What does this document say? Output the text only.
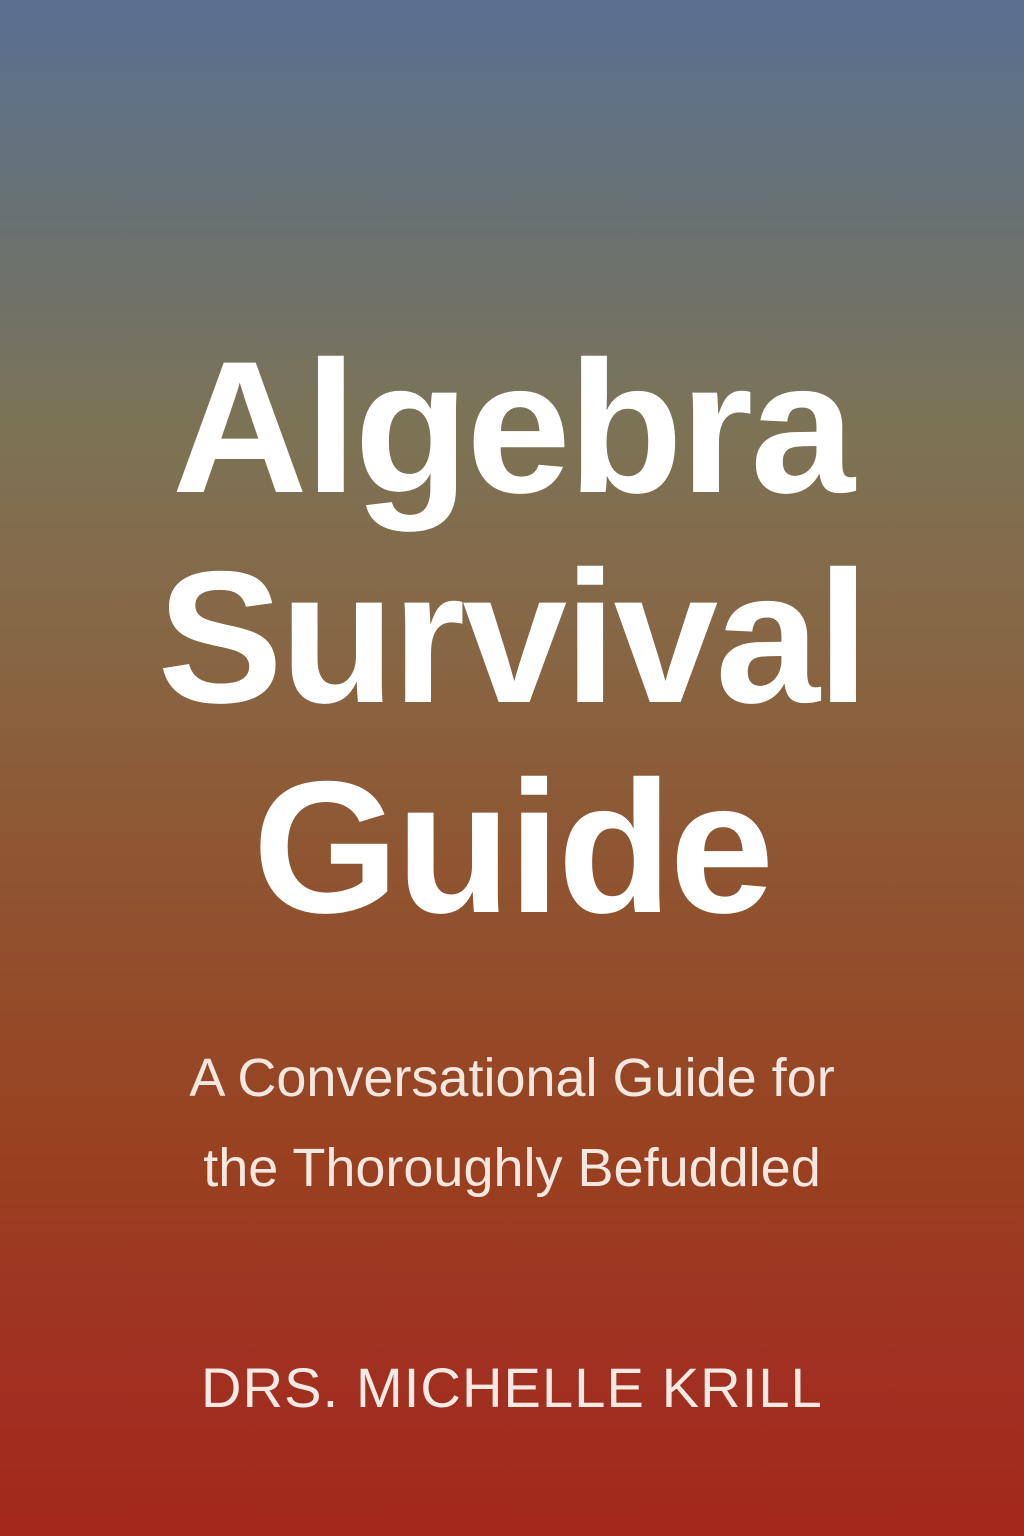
Algebra
Survival
Guide
A Conversational Guide for
the Thoroughly Befuddled
DRS. MICHELLE KRILL
